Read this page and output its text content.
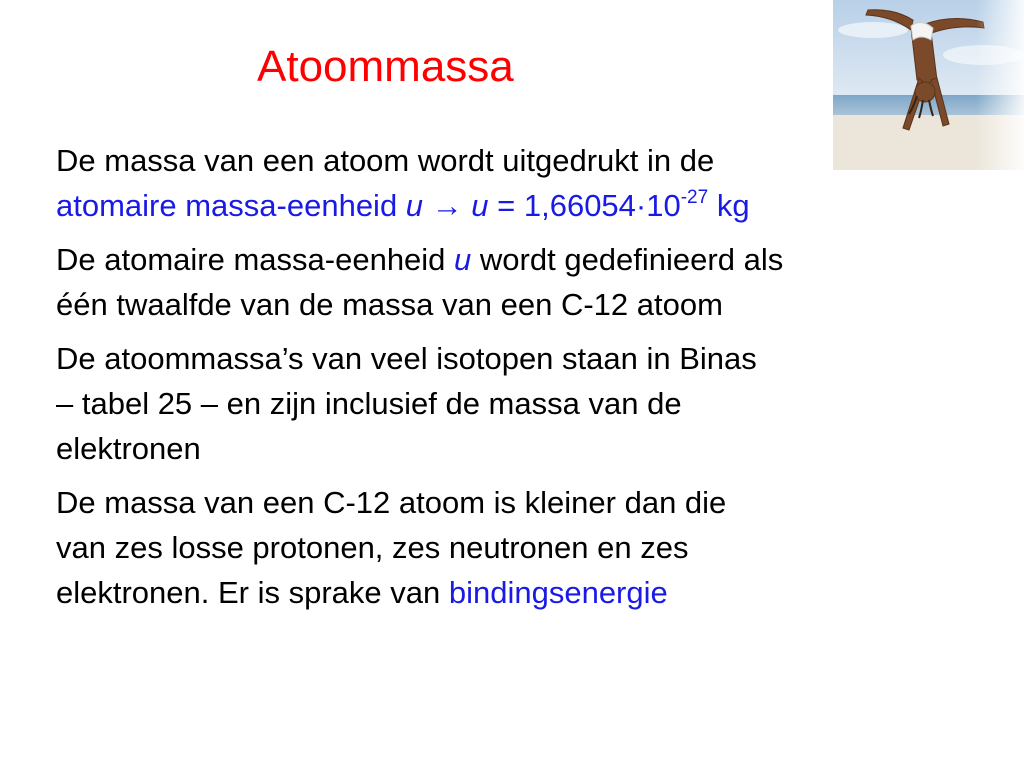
Atoommassa
De massa van een atoom wordt uitgedrukt in de
atomaire massa-eenheid $u \to u = 1,66054\cdot 10^{-27}$ kg
De atomaire massa-eenheid u wordt gedefinieerd als
één twaalfde van de massa van een C-12 atoom
De atoommassa’s van veel isotopen staan in Binas
– tabel 25 – en zijn inclusief de massa van de
elektronen
De massa van een C-12 atoom is kleiner dan die
van zes losse protonen, zes neutronen en zes
elektronen. Er is sprake van bindingsenergie
